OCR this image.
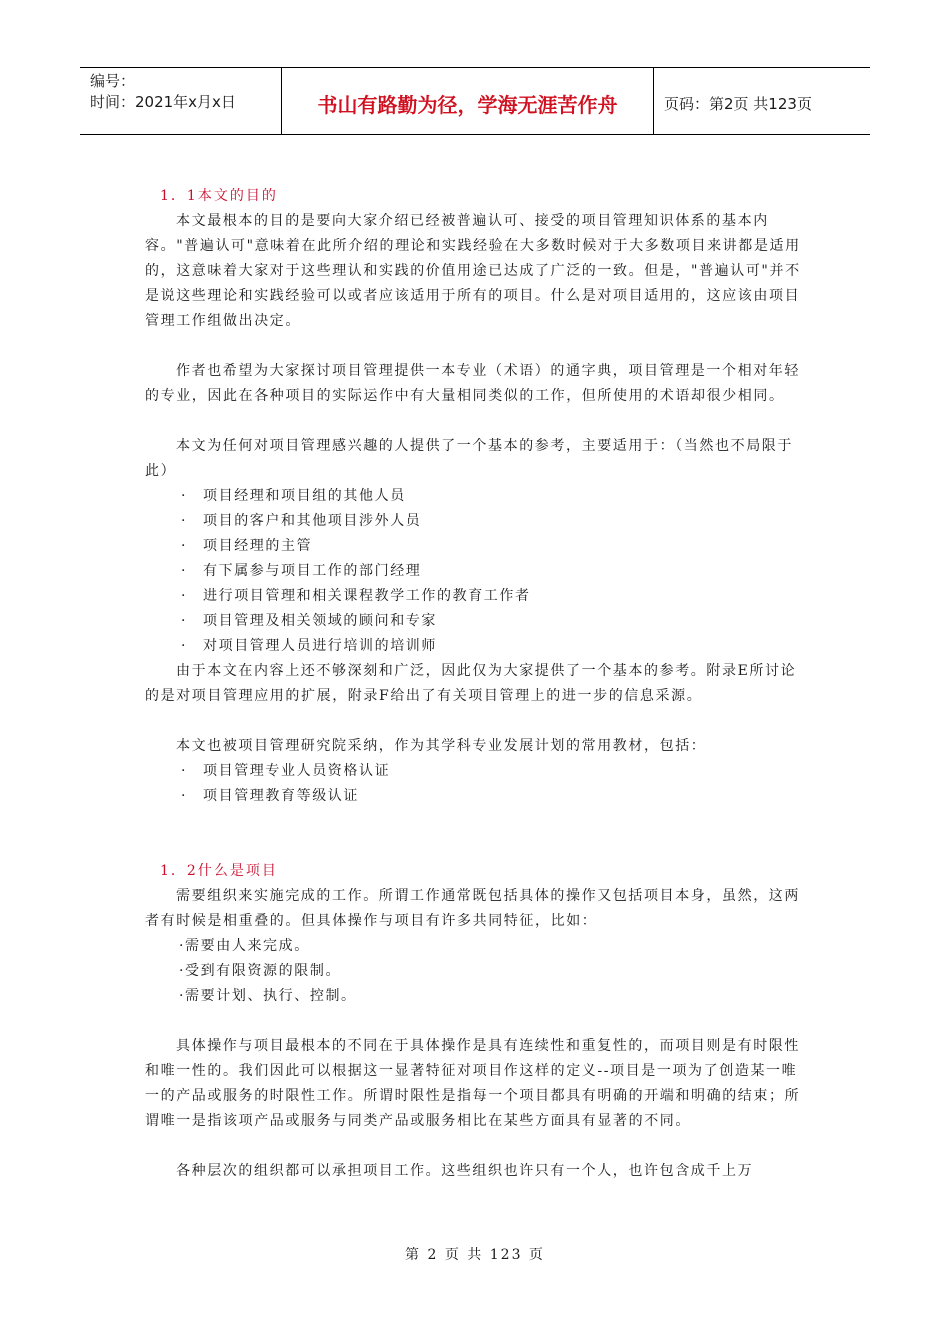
编号：
时间：2021年x月x日	书山有路勤为径，学海无涯苦作舟	页码：第2页 共123页

1．1本文的目的

本文最根本的目的是要向大家介绍已经被普遍认可、接受的项目管理知识体系的基本内容。"普遍认可"意味着在此所介绍的理论和实践经验在大多数时候对于大多数项目来讲都是适用的，这意味着大家对于这些理认和实践的价值用途已达成了广泛的一致。但是，"普遍认可"并不是说这些理论和实践经验可以或者应该适用于所有的项目。什么是对项目适用的，这应该由项目管理工作组做出决定。

作者也希望为大家探讨项目管理提供一本专业（术语）的通字典，项目管理是一个相对年轻的专业，因此在各种项目的实际运作中有大量相同类似的工作，但所使用的术语却很少相同。

本文为任何对项目管理感兴趣的人提供了一个基本的参考，主要适用于：（当然也不局限于此）

· 项目经理和项目组的其他人员

· 项目的客户和其他项目涉外人员

· 项目经理的主管

· 有下属参与项目工作的部门经理

· 进行项目管理和相关课程教学工作的教育工作者

· 项目管理及相关领域的顾问和专家

· 对项目管理人员进行培训的培训师

由于本文在内容上还不够深刻和广泛，因此仅为大家提供了一个基本的参考。附录E所讨论的是对项目管理应用的扩展，附录F给出了有关项目管理上的进一步的信息采源。

本文也被项目管理研究院采纳，作为其学科专业发展计划的常用教材，包括：

· 项目管理专业人员资格认证

· 项目管理教育等级认证

1．2什么是项目

需要组织来实施完成的工作。所谓工作通常既包括具体的操作又包括项目本身，虽然，这两者有时候是相重叠的。但具体操作与项目有许多共同特征，比如：

·需要由人来完成。

·受到有限资源的限制。

·需要计划、执行、控制。

具体操作与项目最根本的不同在于具体操作是具有连续性和重复性的，而项目则是有时限性和唯一性的。我们因此可以根据这一显著特征对项目作这样的定义--项目是一项为了创造某一唯一的产品或服务的时限性工作。所谓时限性是指每一个项目都具有明确的开端和明确的结束；所谓唯一是指该项产品或服务与同类产品或服务相比在某些方面具有显著的不同。

各种层次的组织都可以承担项目工作。这些组织也许只有一个人，也许包含成千上万

第 2 页 共 123 页
